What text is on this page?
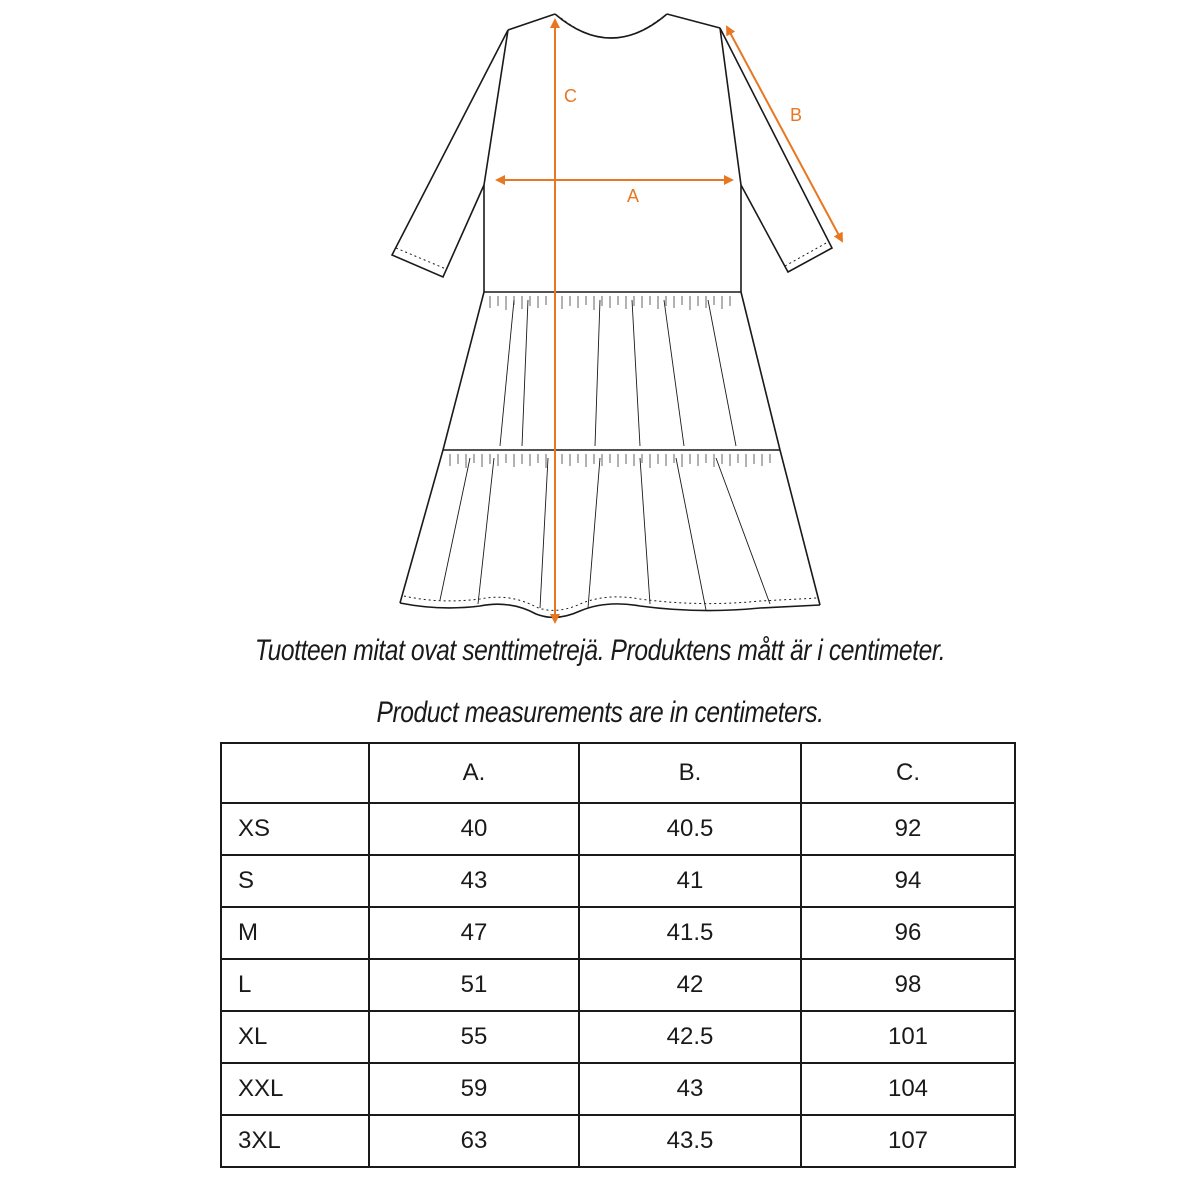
C
A
B
Tuotteen mitat ovat senttimetrejä. Produktens mått är i centimeter.
Product measurements are in centimeters.
	A.	B.	C.
XS	40	40.5	92
S	43	41	94
M	47	41.5	96
L	51	42	98
XL	55	42.5	101
XXL	59	43	104
3XL	63	43.5	107
